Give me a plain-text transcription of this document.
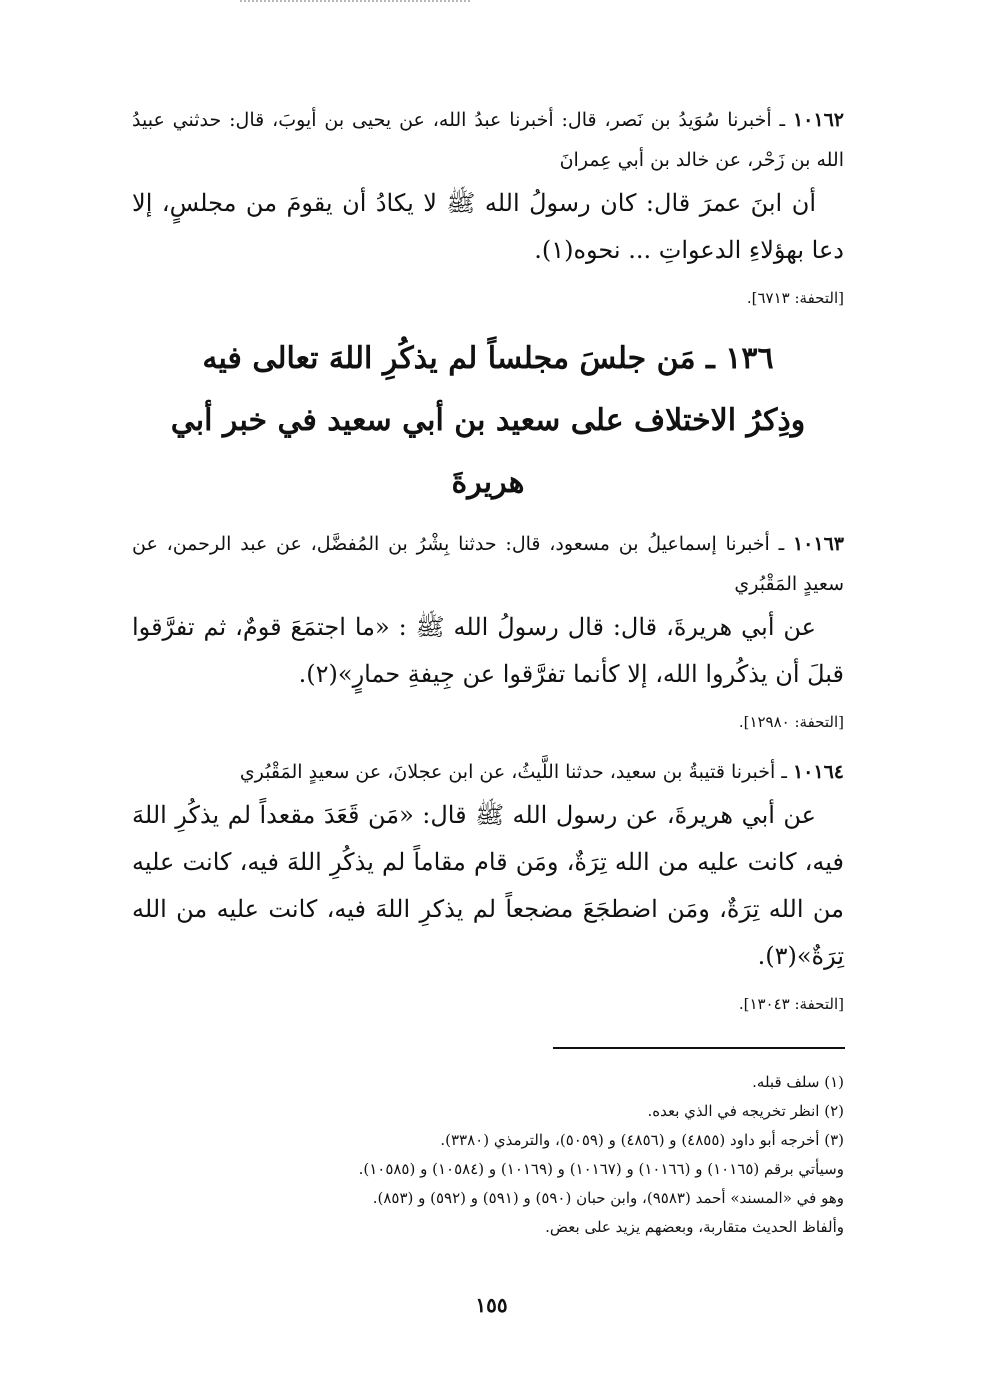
١٠١٦٢ ـ أخبرنا سُوَيدُ بن نَصر، قال: أخبرنا عبدُ الله، عن يحيى بن أيوبَ، قال: حدثني عبيدُ الله بن زَحْر، عن خالد بن أبي عِمرانَ

أن ابنَ عمرَ قال: كان رسولُ الله ﷺ لا يكادُ أن يقومَ من مجلسٍ، إلا دعا بهؤلاءِ الدعواتِ ... نحوه(١).

[التحفة: ٦٧١٣].

١٣٦ ـ مَن جلسَ مجلساً لم يذكُرِ اللهَ تعالى فيه
وذِكرُ الاختلاف على سعيد بن أبي سعيد في خبر أبي هريرةَ

١٠١٦٣ ـ أخبرنا إسماعيلُ بن مسعود، قال: حدثنا بِشْرُ بن المُفضَّل، عن عبد الرحمن، عن سعيدٍ المَقْبُري

عن أبي هريرةَ، قال: قال رسولُ الله ﷺ : «ما اجتمَعَ قومٌ، ثم تفرَّقوا قبلَ أن يذكُروا الله، إلا كأنما تفرَّقوا عن جِيفةِ حمارٍ»(٢).

[التحفة: ١٢٩٨٠].

١٠١٦٤ ـ أخبرنا قتيبةُ بن سعيد، حدثنا اللَّيثُ، عن ابن عجلانَ، عن سعيدٍ المَقْبُري

عن أبي هريرةَ، عن رسول الله ﷺ قال: «مَن قَعَدَ مقعداً لم يذكُرِ اللهَ فيه، كانت عليه من الله تِرَةٌ، ومَن قام مقاماً لم يذكُرِ اللهَ فيه، كانت عليه من الله تِرَةٌ، ومَن اضطجَعَ مضجعاً لم يذكرِ اللهَ فيه، كانت عليه من الله تِرَةٌ»(٣).

[التحفة: ١٣٠٤٣].

(١) سلف قبله.

(٢) انظر تخريجه في الذي بعده.

(٣) أخرجه أبو داود (٤٨٥٥) و (٤٨٥٦) و (٥٠٥٩)، والترمذي (٣٣٨٠).

وسيأتي برقم (١٠١٦٥) و (١٠١٦٦) و (١٠١٦٧) و (١٠١٦٩) و (١٠٥٨٤) و (١٠٥٨٥).

وهو في «المسند» أحمد (٩٥٨٣)، وابن حبان (٥٩٠) و (٥٩١) و (٥٩٢) و (٨٥٣).

وألفاظ الحديث متقاربة، وبعضهم يزيد على بعض.

١٥٥
